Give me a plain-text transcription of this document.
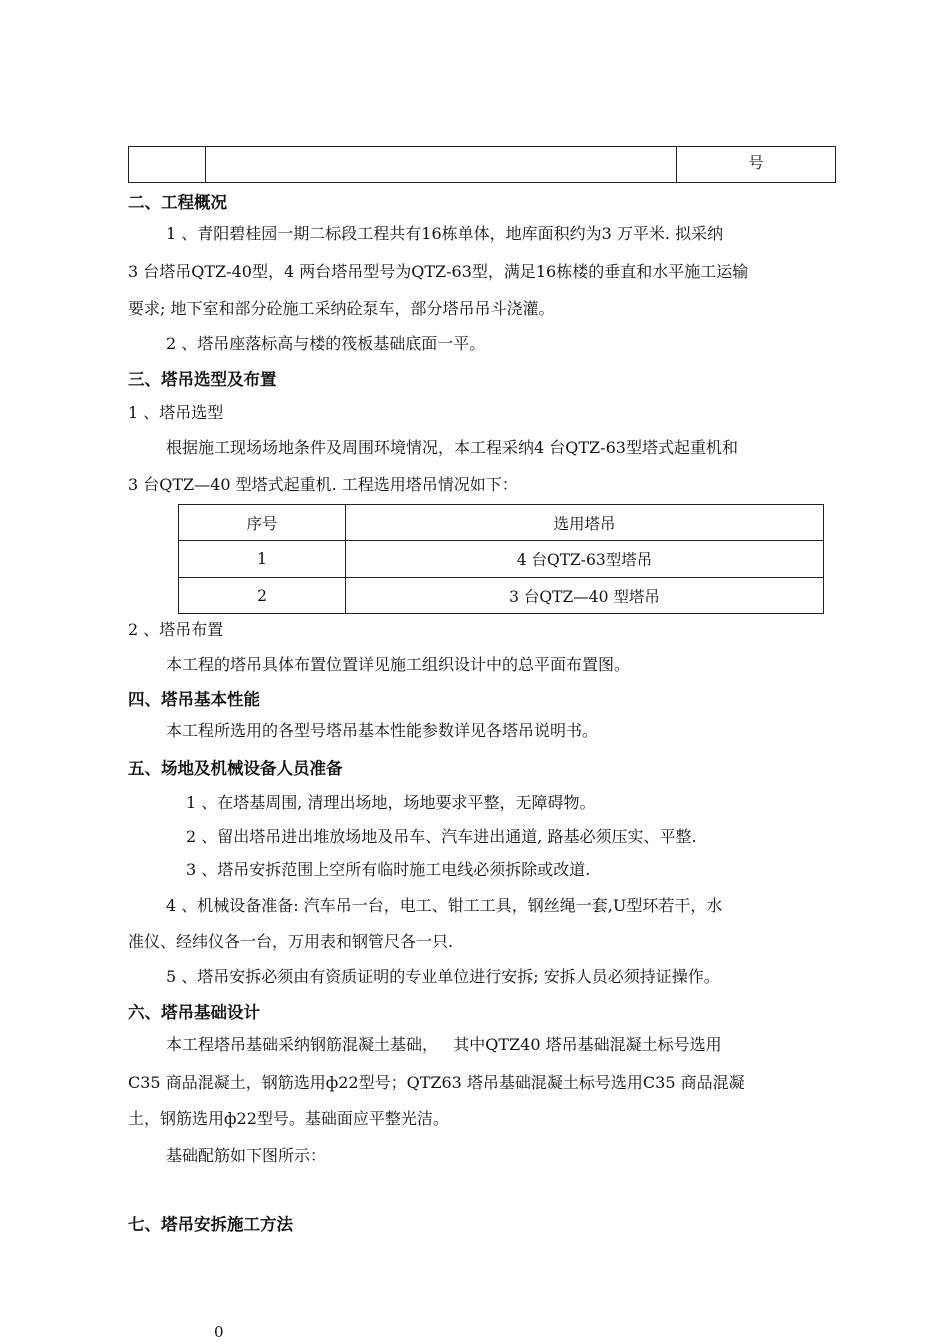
		号
二、工程概况
1 、青阳碧桂园一期二标段工程共有16栋单体，地库面积约为3 万平米. 拟采纳
3 台塔吊QTZ-40型，4 两台塔吊型号为QTZ-63型，满足16栋楼的垂直和水平施工运输
要求; 地下室和部分砼施工采纳砼泵车，部分塔吊吊斗浇灌。
2 、塔吊座落标高与楼的筏板基础底面一平。
三、塔吊选型及布置
1 、塔吊选型
根据施工现场场地条件及周围环境情况，本工程采纳4 台QTZ-63型塔式起重机和
3 台QTZ—40 型塔式起重机. 工程选用塔吊情况如下：
序号	选用塔吊
1	4 台QTZ-63型塔吊
2	3 台QTZ—40 型塔吊
2 、塔吊布置
本工程的塔吊具体布置位置详见施工组织设计中的总平面布置图。
四、塔吊基本性能
本工程所选用的各型号塔吊基本性能参数详见各塔吊说明书。
五、场地及机械设备人员准备
1 、在塔基周围, 清理出场地，场地要求平整，无障碍物。
2 、留出塔吊进出堆放场地及吊车、汽车进出通道, 路基必须压实、平整.
3 、塔吊安拆范围上空所有临时施工电线必须拆除或改道.
4 、机械设备准备: 汽车吊一台，电工、钳工工具，钢丝绳一套,U型环若干，水
准仪、经纬仪各一台，万用表和钢管尺各一只.
5 、塔吊安拆必须由有资质证明的专业单位进行安拆; 安拆人员必须持证操作。
六、塔吊基础设计
本工程塔吊基础采纳钢筋混凝土基础，   其中QTZ40 塔吊基础混凝土标号选用
C35 商品混凝土，钢筋选用ф22型号；QTZ63 塔吊基础混凝土标号选用C35 商品混凝
土，钢筋选用ф22型号。基础面应平整光洁。
基础配筋如下图所示：
七、塔吊安拆施工方法
0
